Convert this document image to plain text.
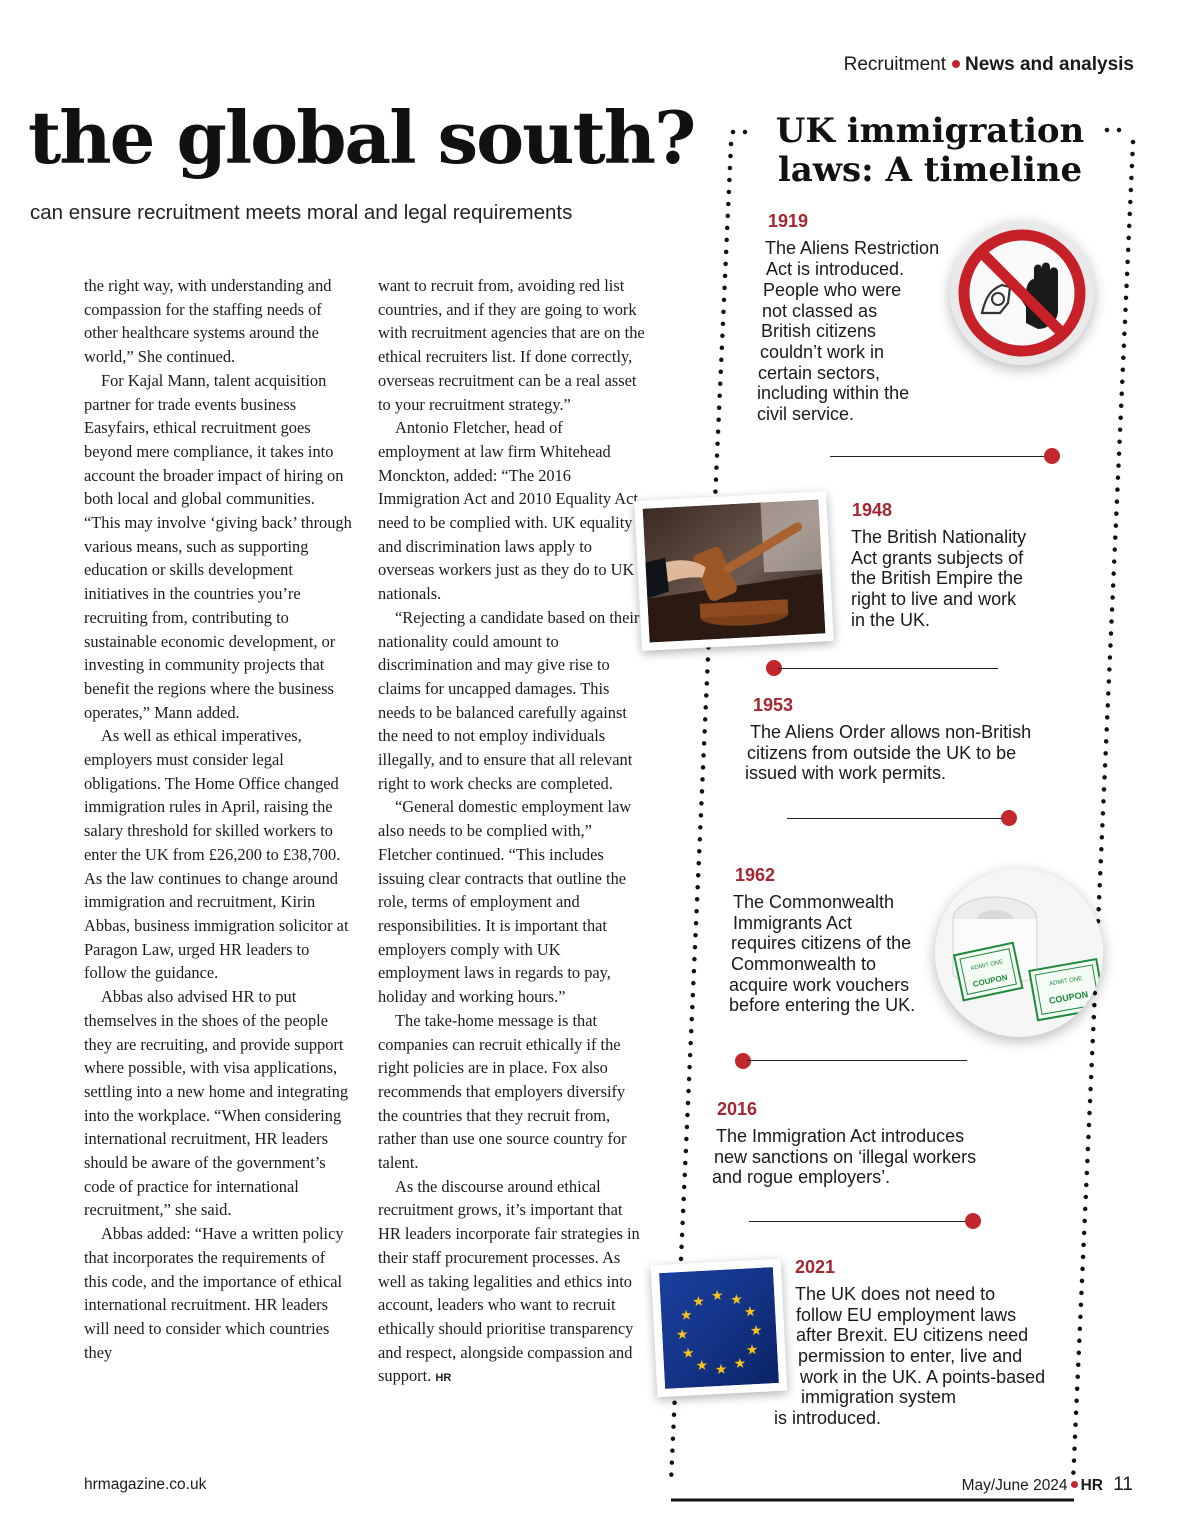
Recruitment News and analysis
the global south?
can ensure recruitment meets moral and legal requirements

the right way, with understanding and compassion for the staffing needs of other healthcare systems around the world,” She continued.

For Kajal Mann, talent acquisition partner for trade events business Easyfairs, ethical recruitment goes beyond mere compliance, it takes into account the broader impact of hiring on both local and global communities. “This may involve ‘giving back’ through various means, such as supporting education or skills development initiatives in the countries you’re recruiting from, contributing to sustainable economic development, or investing in community projects that benefit the regions where the business operates,” Mann added.

As well as ethical imperatives, employers must consider legal obligations. The Home Office changed immigration rules in April, raising the salary threshold for skilled workers to enter the UK from £26,200 to £38,700. As the law continues to change around immigration and recruitment, Kirin Abbas, business immigration solicitor at Paragon Law, urged HR leaders to follow the guidance.

Abbas also advised HR to put themselves in the shoes of the people they are recruiting, and provide support where possible, with visa applications, settling into a new home and integrating into the workplace. “When considering international recruitment, HR leaders should be aware of the government’s code of practice for international recruitment,” she said.

Abbas added: “Have a written policy that incorporates the requirements of this code, and the importance of ethical international recruitment. HR leaders will need to consider which countries they

want to recruit from, avoiding red list countries, and if they are going to work with recruitment agencies that are on the ethical recruiters list. If done correctly, overseas recruitment can be a real asset to your recruitment strategy.”

Antonio Fletcher, head of employment at law firm Whitehead Monckton, added: “The 2016 Immigration Act and 2010 Equality Act need to be complied with. UK equality and discrimination laws apply to overseas workers just as they do to UK nationals.

“Rejecting a candidate based on their nationality could amount to discrimination and may give rise to claims for uncapped damages. This needs to be balanced carefully against the need to not employ individuals illegally, and to ensure that all relevant right to work checks are completed.

“General domestic employment law also needs to be complied with,” Fletcher continued. “This includes issuing clear contracts that outline the role, terms of employment and responsibilities. It is important that employers comply with UK employment laws in regards to pay, holiday and working hours.”

The take-home message is that companies can recruit ethically if the right policies are in place. Fox also recommends that employers diversify the countries that they recruit from, rather than use one source country for talent.

As the discourse around ethical recruitment grows, it’s important that HR leaders incorporate fair strategies in their staff procurement processes. As well as taking legalities and ethics into account, leaders who want to recruit ethically should prioritise transparency and respect, alongside compassion and support. HR

UK immigration
laws: A timeline
1919
The Aliens Restriction
Act is introduced.
People who were
not classed as
British citizens
couldn’t work in
certain sectors,
including within the
civil service.
1948
The British Nationality
Act grants subjects of
the British Empire the
right to live and work
in the UK.
1953
The Aliens Order allows non-British
citizens from outside the UK to be
issued with work permits.
1962
The Commonwealth
Immigrants Act
requires citizens of the
Commonwealth to
acquire work vouchers
before entering the UK.
ADMIT ONE
COUPON	ADMIT ONE
COUPON
2016
The Immigration Act introduces
new sanctions on ‘illegal workers
and rogue employers’.
★ ★
★
★
★
★
★
★
★
★
★
★
2021
The UK does not need to
follow EU employment laws
after Brexit. EU citizens need
permission to enter, live and
work in the UK. A points-based
immigration system
is introduced.
hrmagazine.co.uk	May/June 2024 HR 11
